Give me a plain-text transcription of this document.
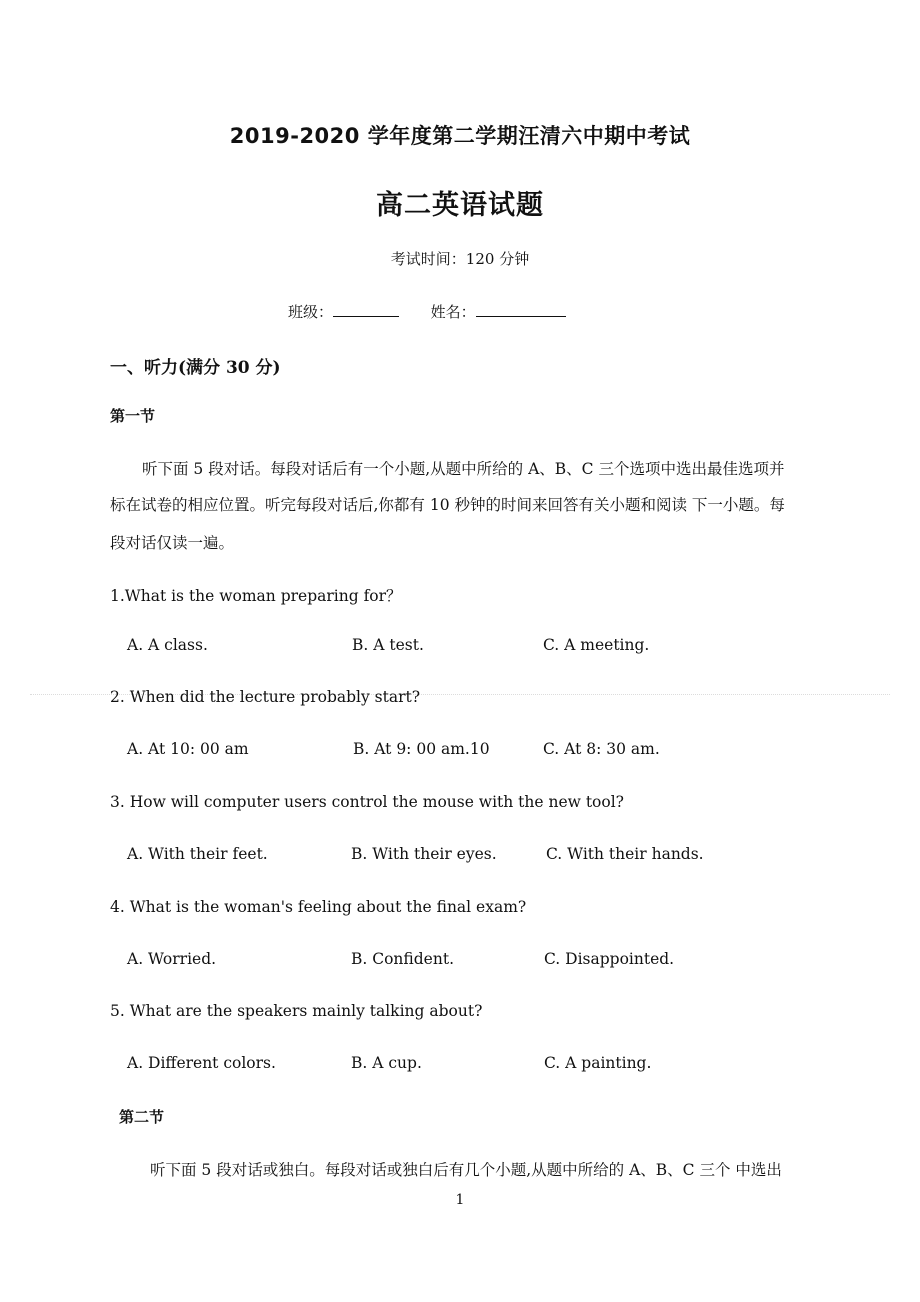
2019-2020 学年度第二学期汪清六中期中考试
高二英语试题
考试时间：120 分钟
班级：	姓名：
一、听力(满分 30 分)
第一节
听下面 5 段对话。每段对话后有一个小题,从题中所给的 A、B、C 三个选项中选出最佳选项并
标在试卷的相应位置。听完每段对话后,你都有 10 秒钟的时间来回答有关小题和阅读 下一小题。每
段对话仅读一遍。
1.What is the woman preparing for？
A. A class.	B. A test.	C. A meeting.
2. When did the lecture probably start?
A. At 10: 00 am	B. At 9: 00 am.10	C. At 8: 30 am.
3. How will computer users control the mouse with the new tool?
A. With their feet.	B. With their eyes.	C. With their hands.
4. What is the woman's feeling about the final exam?
A. Worried.	B. Confident.	C. Disappointed.
5. What are the speakers mainly talking about?
A. Different colors.	B. A cup.	C. A painting.
第二节
听下面 5 段对话或独白。每段对话或独白后有几个小题,从题中所给的 A、B、C 三个 中选出
1
